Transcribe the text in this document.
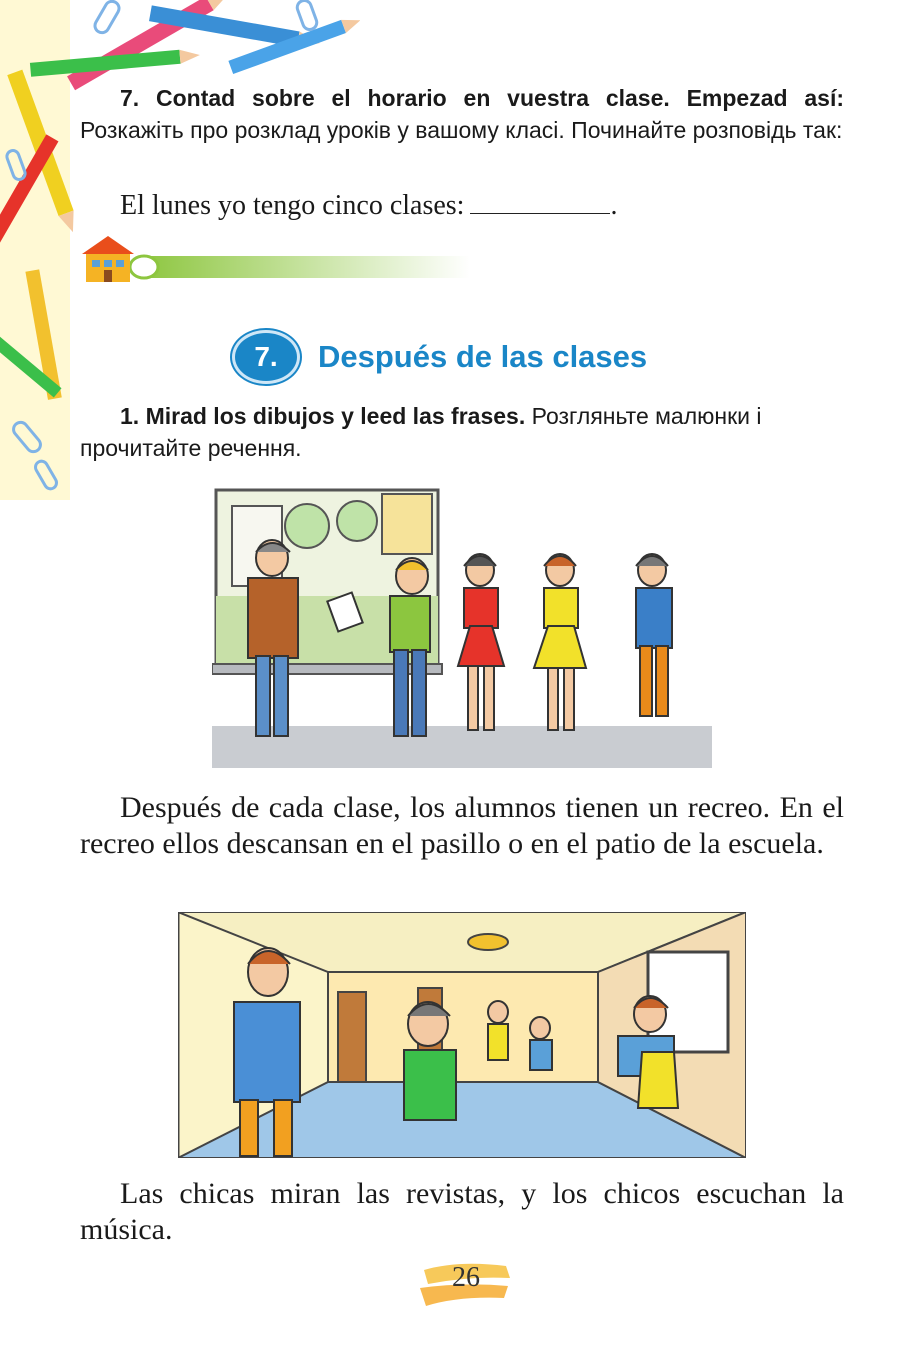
7. Contad sobre el horario en vuestra clase. Empezad así: Розкажіть про розклад уроків у вашому класі. Починайте розповідь так:
El lunes yo tengo cinco clases:	.
7.	Después de las clases
1. Mirad los dibujos y leed las frases. Розгляньте малюнки і прочитайте речення.
Después de cada clase, los alumnos tienen un recreo. En el recreo ellos descansan en el pasillo o en el patio de la escuela.
Las chicas miran las revistas, y los chicos escuchan la música.
26
